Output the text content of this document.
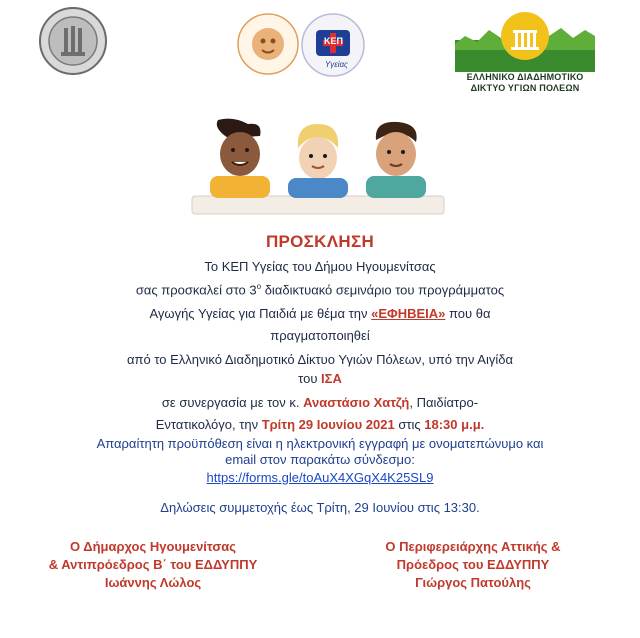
ΚΕΠ
Υγείας
ΕΛΛΗΝΙΚΟ ΔΙΑΔΗΜΟΤΙΚΟ
ΔΙΚΤΥΟ ΥΓΙΩΝ ΠΟΛΕΩΝ
ΠΡΟΣΚΛΗΣΗ
Το ΚΕΠ Υγείας του Δήμου Ηγουμενίτσας
σας προσκαλεί στο $3^o$ διαδικτυακό σεμινάριο του προγράμματος
Αγωγής Υγείας για Παιδιά με θέμα την «ΕΦΗΒΕΙΑ» που θα
πραγματοποιηθεί
από το Ελληνικό Διαδημοτικό Δίκτυο Υγιών Πόλεων, υπό την Αιγίδα
του ΙΣΑ
σε συνεργασία με τον κ. Αναστάσιο Χατζή, Παιδίατρο-
Εντατικολόγο, την Τρίτη 29 Ιουνίου 2021 στις 18:30 μ.μ.
Απαραίτητη προϋπόθεση είναι η ηλεκτρονική εγγραφή με ονοματεπώνυμο και
email στον παρακάτω σύνδεσμο:
https://forms.gle/toAuX4XGqX4K25SL9
Δηλώσεις συμμετοχής έως Τρίτη, 29 Ιουνίου στις 13:30.
Ο Δήμαρχος Ηγουμενίτσας
& Αντιπρόεδρος Β΄ του ΕΔΔΥΠΠΥ
Ιωάννης Λώλος
Ο Περιφερειάρχης Αττικής &
Πρόεδρος του ΕΔΔΥΠΠΥ
Γιώργος Πατούλης
